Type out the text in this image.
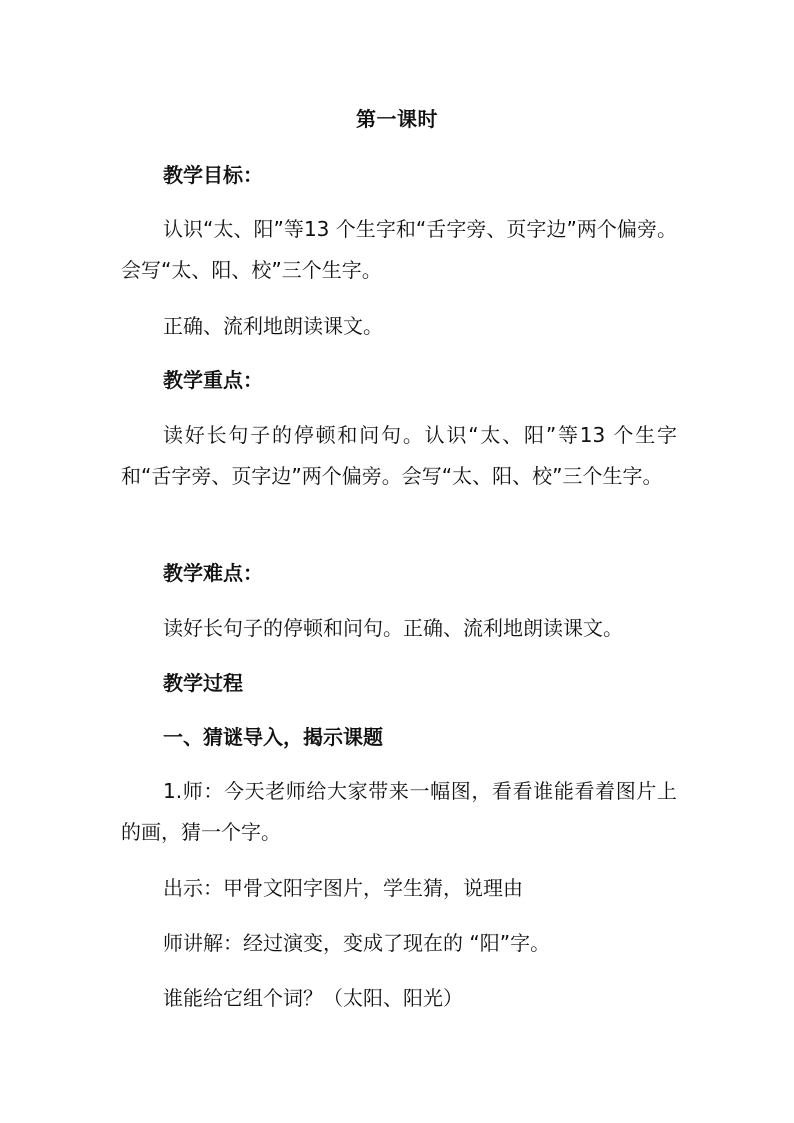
第一课时

教学目标：

认识“太、阳”等13 个生字和“舌字旁、页字边”两个偏旁。会写“太、阳、校”三个生字。

正确、流利地朗读课文。

教学重点：

读好长句子的停顿和问句。认识“太、阳”等13 个生字和“舌字旁、页字边”两个偏旁。会写“太、阳、校”三个生字。

教学难点：

读好长句子的停顿和问句。正确、流利地朗读课文。

教学过程

一、猜谜导入，揭示课题

1.师：今天老师给大家带来一幅图，看看谁能看着图片上的画，猜一个字。

出示：甲骨文阳字图片，学生猜，说理由

师讲解：经过演变，变成了现在的 “阳”字。

谁能给它组个词？（太阳、阳光）
